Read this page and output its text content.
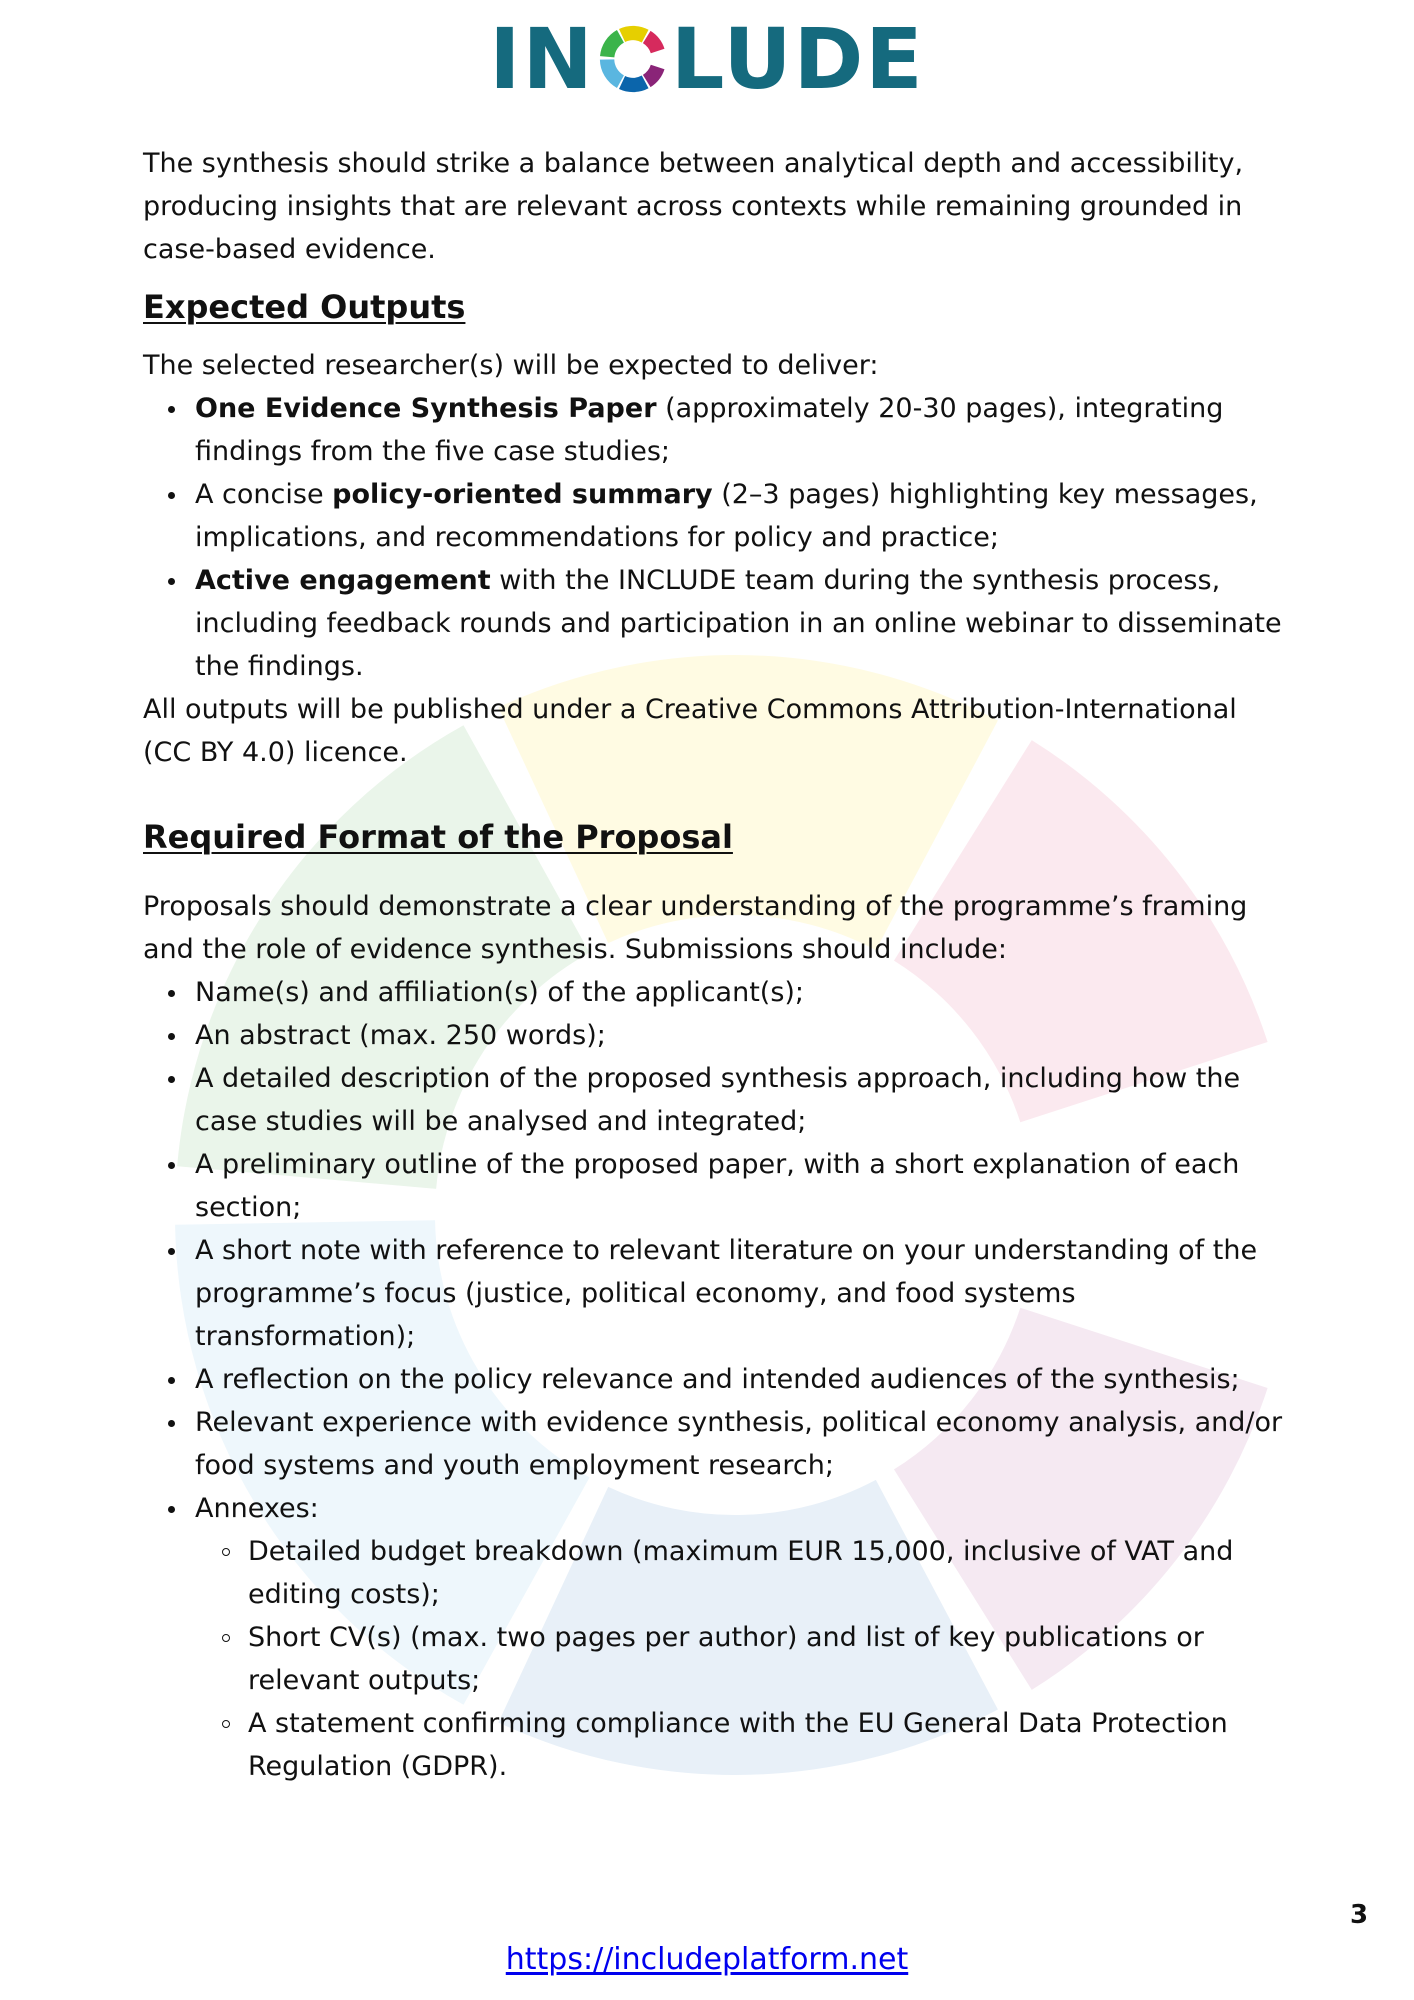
IN LUDE

The synthesis should strike a balance between analytical depth and accessibility, producing insights that are relevant across contexts while remaining grounded in case-based evidence.

Expected Outputs

The selected researcher(s) will be expected to deliver:

One Evidence Synthesis Paper (approximately 20-30 pages), integrating findings from the five case studies;
A concise policy-oriented summary (2–3 pages) highlighting key messages, implications, and recommendations for policy and practice;
Active engagement with the INCLUDE team during the synthesis process, including feedback rounds and participation in an online webinar to disseminate the findings.

All outputs will be published under a Creative Commons Attribution-International (CC BY 4.0) licence.

Required Format of the Proposal

Proposals should demonstrate a clear understanding of the programme’s framing and the role of evidence synthesis. Submissions should include:

Name(s) and affiliation(s) of the applicant(s);
An abstract (max. 250 words);
A detailed description of the proposed synthesis approach, including how the case studies will be analysed and integrated;
A preliminary outline of the proposed paper, with a short explanation of each section;
A short note with reference to relevant literature on your understanding of the programme’s focus (justice, political economy, and food systems transformation);
A reflection on the policy relevance and intended audiences of the synthesis;
Relevant experience with evidence synthesis, political economy analysis, and/or food systems and youth employment research;
Annexes:
Detailed budget breakdown (maximum EUR 15,000, inclusive of VAT and editing costs);
Short CV(s) (max. two pages per author) and list of key publications or relevant outputs;
A statement confirming compliance with the EU General Data Protection Regulation (GDPR).
3
https://includeplatform.net
